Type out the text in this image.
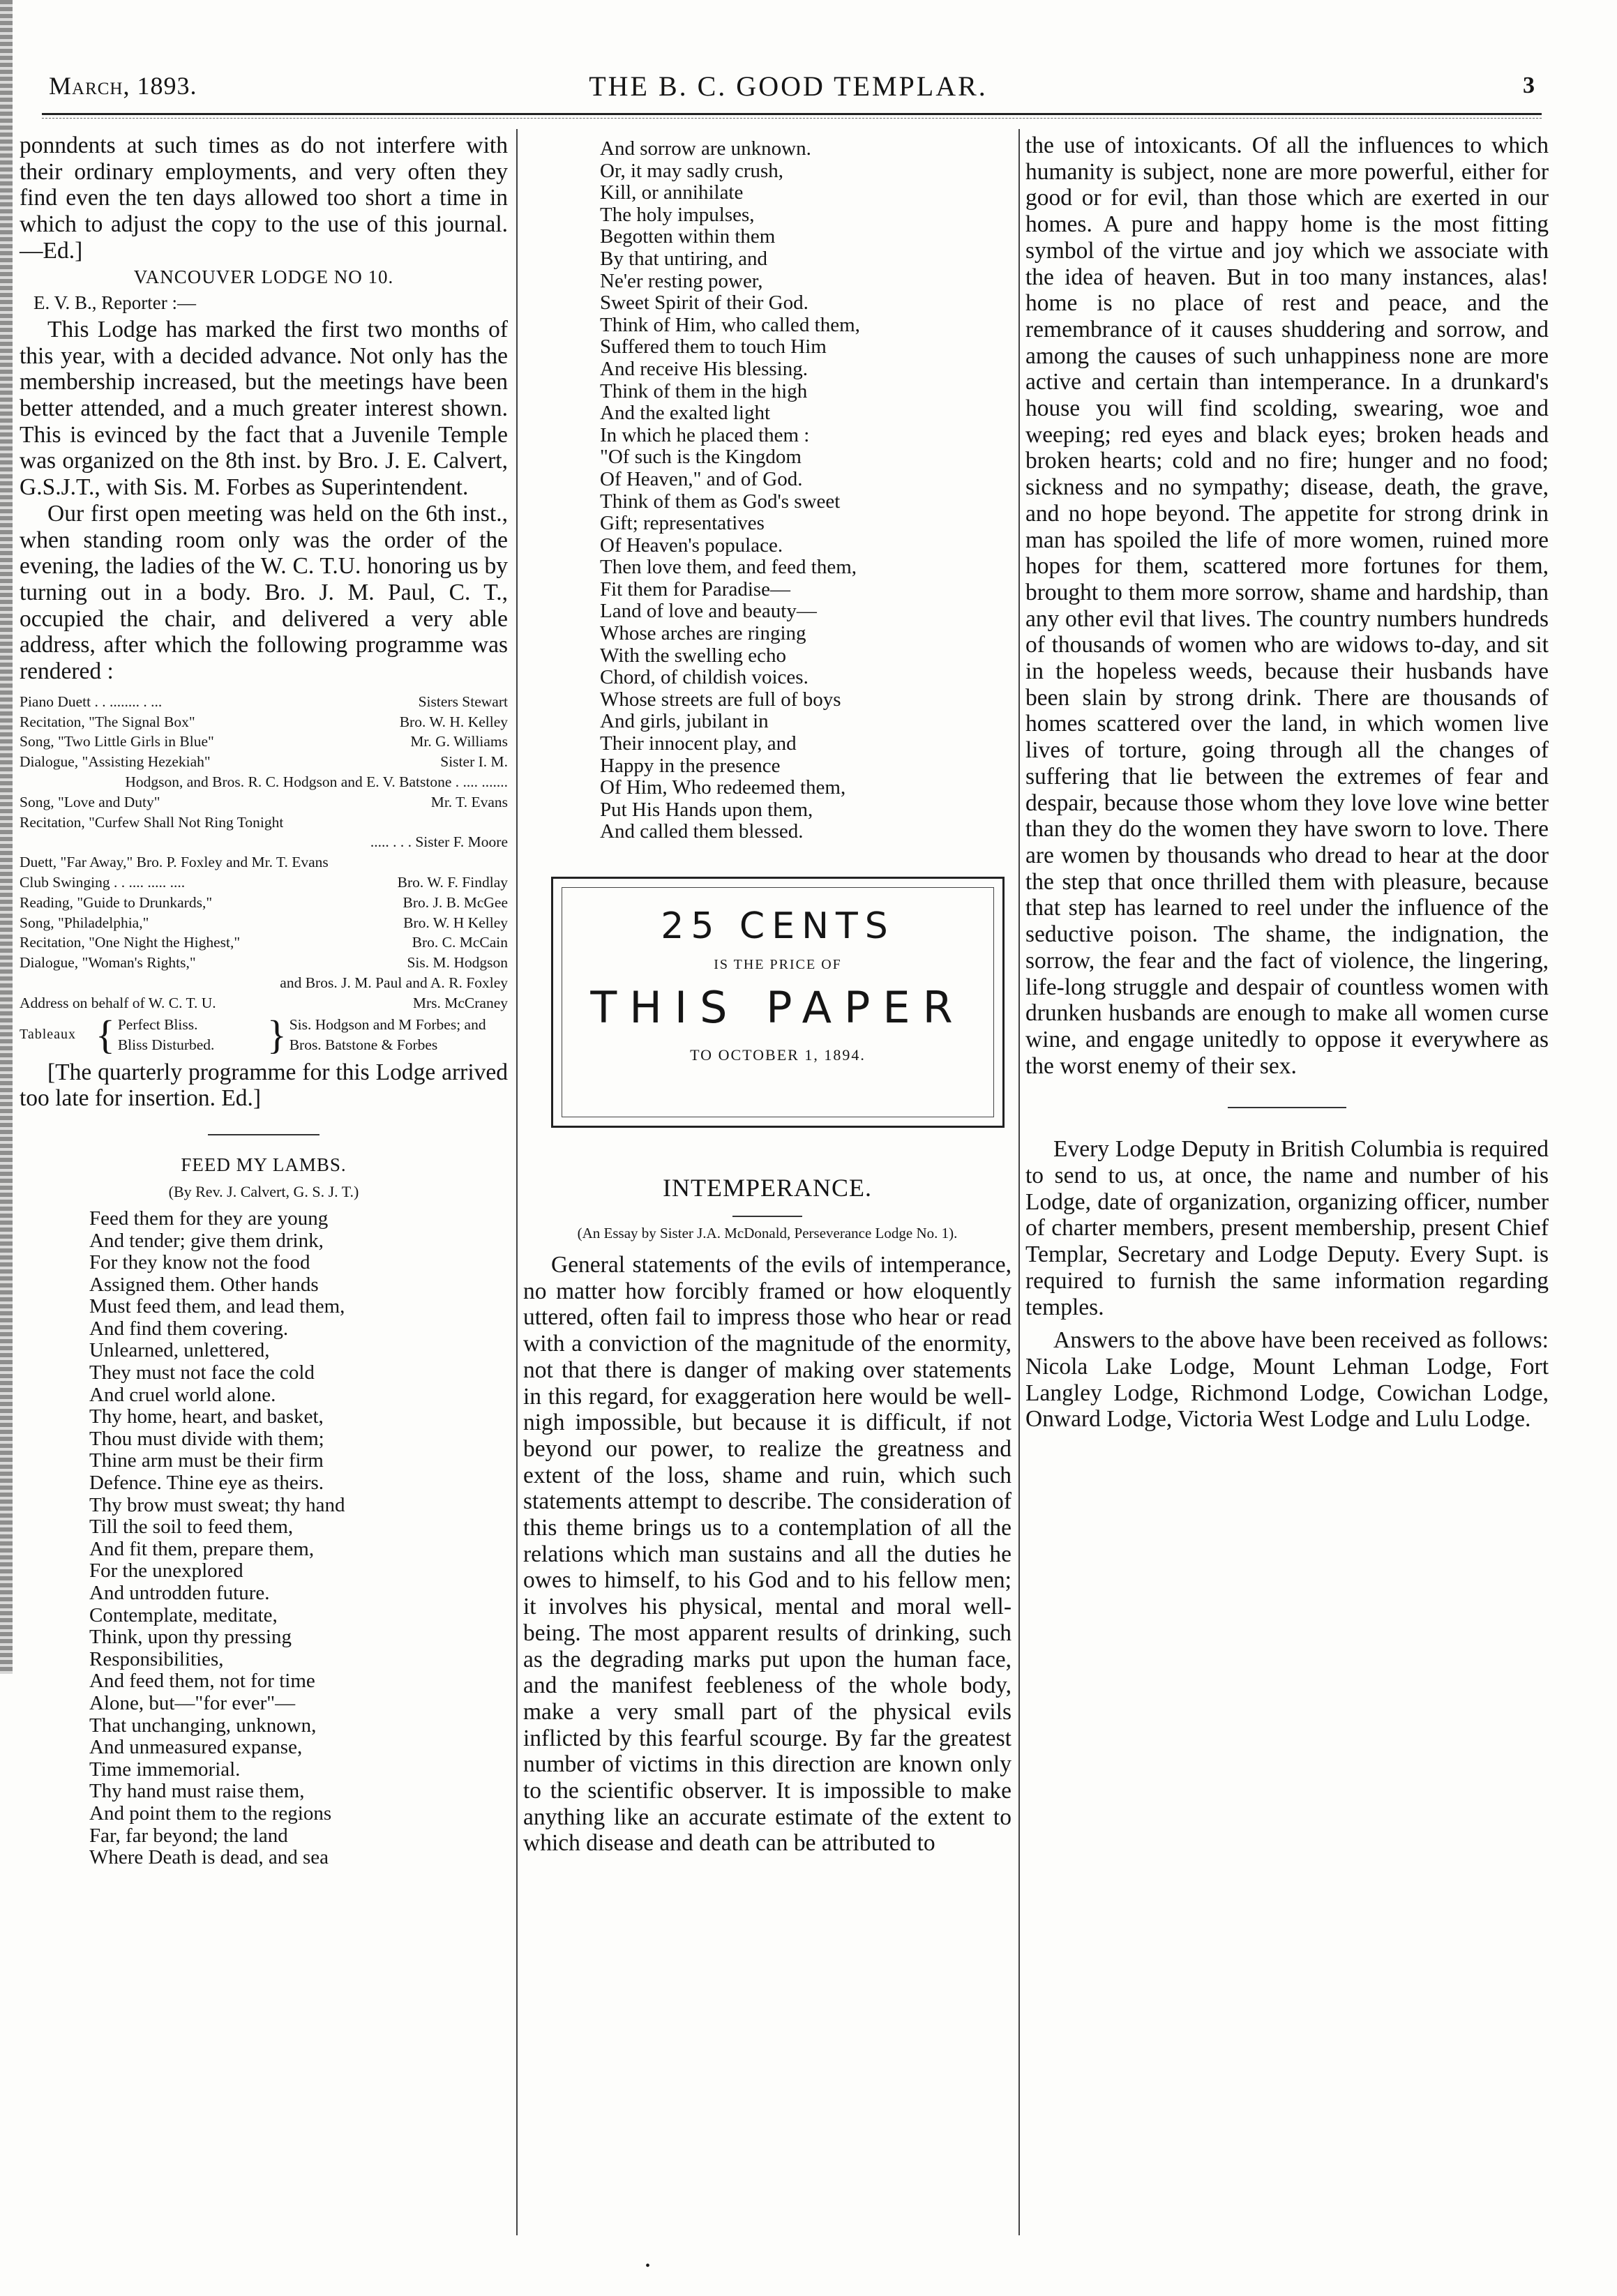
March, 1893.	THE B. C. GOOD TEMPLAR.	3

ponndents at such times as do not interfere with their ordinary employments, and very often they find even the ten days allowed too short a time in which to adjust the copy to the use of this journal.—Ed.]

VANCOUVER LODGE NO 10.
E. V. B., Reporter :—

This Lodge has marked the first two months of this year, with a decided advance. Not only has the membership increased, but the meetings have been better attended, and a much greater interest shown. This is evinced by the fact that a Juvenile Temple was organized on the 8th inst. by Bro. J. E. Calvert, G.S.J.T., with Sis. M. Forbes as Superintendent.

Our first open meeting was held on the 6th inst., when standing room only was the order of the evening, the ladies of the W. C. T.U. honoring us by turning out in a body. Bro. J. M. Paul, C. T., occupied the chair, and delivered a very able address, after which the following programme was rendered :

Piano Duett . . ........ . ...	Sisters Stewart
Recitation, "The Signal Box"	Bro. W. H. Kelley
Song, "Two Little Girls in Blue"	Mr. G. Williams
Dialogue, "Assisting Hezekiah"	Sister I. M.
Hodgson, and Bros. R. C. Hodgson and E. V. Batstone . .... .......
Song, "Love and Duty"	Mr. T. Evans
Recitation, "Curfew Shall Not Ring Tonight
..... . . . Sister F. Moore
Duett, "Far Away," Bro. P. Foxley and Mr. T. Evans
Club Swinging . . .... ..... ....	Bro. W. F. Findlay
Reading, "Guide to Drunkards,"	Bro. J. B. McGee
Song, "Philadelphia,"	Bro. W. H Kelley
Recitation, "One Night the Highest,"	Bro. C. McCain
Dialogue, "Woman's Rights,"	Sis. M. Hodgson
and Bros. J. M. Paul and A. R. Foxley
Address on behalf of W. C. T. U.	Mrs. McCraney
Tableaux { Perfect Bliss.
Bliss Disturbed.	} Sis. Hodgson and M Forbes; and Bros. Batstone & Forbes

[The quarterly programme for this Lodge arrived too late for insertion. Ed.]

FEED MY LAMBS.
(By Rev. J. Calvert, G. S. J. T.)
Feed them for they are young
And tender; give them drink,
For they know not the food
Assigned them. Other hands
Must feed them, and lead them,
And find them covering.
Unlearned, unlettered,
They must not face the cold
And cruel world alone.
Thy home, heart, and basket,
Thou must divide with them;
Thine arm must be their firm
Defence. Thine eye as theirs.
Thy brow must sweat; thy hand
Till the soil to feed them,
And fit them, prepare them,
For the unexplored
And untrodden future.
Contemplate, meditate,
Think, upon thy pressing
Responsibilities,
And feed them, not for time
Alone, but—"for ever"—
That unchanging, unknown,
And unmeasured expanse,
Time immemorial.
Thy hand must raise them,
And point them to the regions
Far, far beyond; the land
Where Death is dead, and sea
And sorrow are unknown.
Or, it may sadly crush,
Kill, or annihilate
The holy impulses,
Begotten within them
By that untiring, and
Ne'er resting power,
Sweet Spirit of their God.
Think of Him, who called them,
Suffered them to touch Him
And receive His blessing.
Think of them in the high
And the exalted light
In which he placed them :
"Of such is the Kingdom
Of Heaven," and of God.
Think of them as God's sweet
Gift; representatives
Of Heaven's populace.
Then love them, and feed them,
Fit them for Paradise—
Land of love and beauty—
Whose arches are ringing
With the swelling echo
Chord, of childish voices.
Whose streets are full of boys
And girls, jubilant in
Their innocent play, and
Happy in the presence
Of Him, Who redeemed them,
Put His Hands upon them,
And called them blessed.
25 CENTS
IS THE PRICE OF
THIS PAPER
TO OCTOBER 1, 1894.
INTEMPERANCE.
(An Essay by Sister J.A. McDonald, Perseverance Lodge No. 1).

General statements of the evils of intemperance, no matter how forcibly framed or how eloquently uttered, often fail to impress those who hear or read with a conviction of the magnitude of the enormity, not that there is danger of making over statements in this regard, for exaggeration here would be well-nigh impossible, but because it is difficult, if not beyond our power, to realize the greatness and extent of the loss, shame and ruin, which such statements attempt to describe. The consideration of this theme brings us to a contemplation of all the relations which man sustains and all the duties he owes to himself, to his God and to his fellow men; it involves his physical, mental and moral well-being. The most apparent results of drinking, such as the degrading marks put upon the human face, and the manifest feebleness of the whole body, make a very small part of the physical evils inflicted by this fearful scourge. By far the greatest number of victims in this direction are known only to the scientific observer. It is impossible to make anything like an accurate estimate of the extent to which disease and death can be attributed to

the use of intoxicants. Of all the influences to which humanity is subject, none are more powerful, either for good or for evil, than those which are exerted in our homes. A pure and happy home is the most fitting symbol of the virtue and joy which we associate with the idea of heaven. But in too many instances, alas! home is no place of rest and peace, and the remembrance of it causes shuddering and sorrow, and among the causes of such unhappiness none are more active and certain than intemperance. In a drunkard's house you will find scolding, swearing, woe and weeping; red eyes and black eyes; broken heads and broken hearts; cold and no fire; hunger and no food; sickness and no sympathy; disease, death, the grave, and no hope beyond. The appetite for strong drink in man has spoiled the life of more women, ruined more hopes for them, scattered more fortunes for them, brought to them more sorrow, shame and hardship, than any other evil that lives. The country numbers hundreds of thousands of women who are widows to-day, and sit in the hopeless weeds, because their husbands have been slain by strong drink. There are thousands of homes scattered over the land, in which women live lives of torture, going through all the changes of suffering that lie between the extremes of fear and despair, because those whom they love love wine better than they do the women they have sworn to love. There are women by thousands who dread to hear at the door the step that once thrilled them with pleasure, because that step has learned to reel under the influence of the seductive poison. The shame, the indignation, the sorrow, the fear and the fact of violence, the lingering, life-long struggle and despair of countless women with drunken husbands are enough to make all women curse wine, and engage unitedly to oppose it everywhere as the worst enemy of their sex.

Every Lodge Deputy in British Columbia is required to send to us, at once, the name and number of his Lodge, date of organization, organizing officer, number of charter members, present membership, present Chief Templar, Secretary and Lodge Deputy. Every Supt. is required to furnish the same information regarding temples.

Answers to the above have been received as follows: Nicola Lake Lodge, Mount Lehman Lodge, Fort Langley Lodge, Richmond Lodge, Cowichan Lodge, Onward Lodge, Victoria West Lodge and Lulu Lodge.

•
